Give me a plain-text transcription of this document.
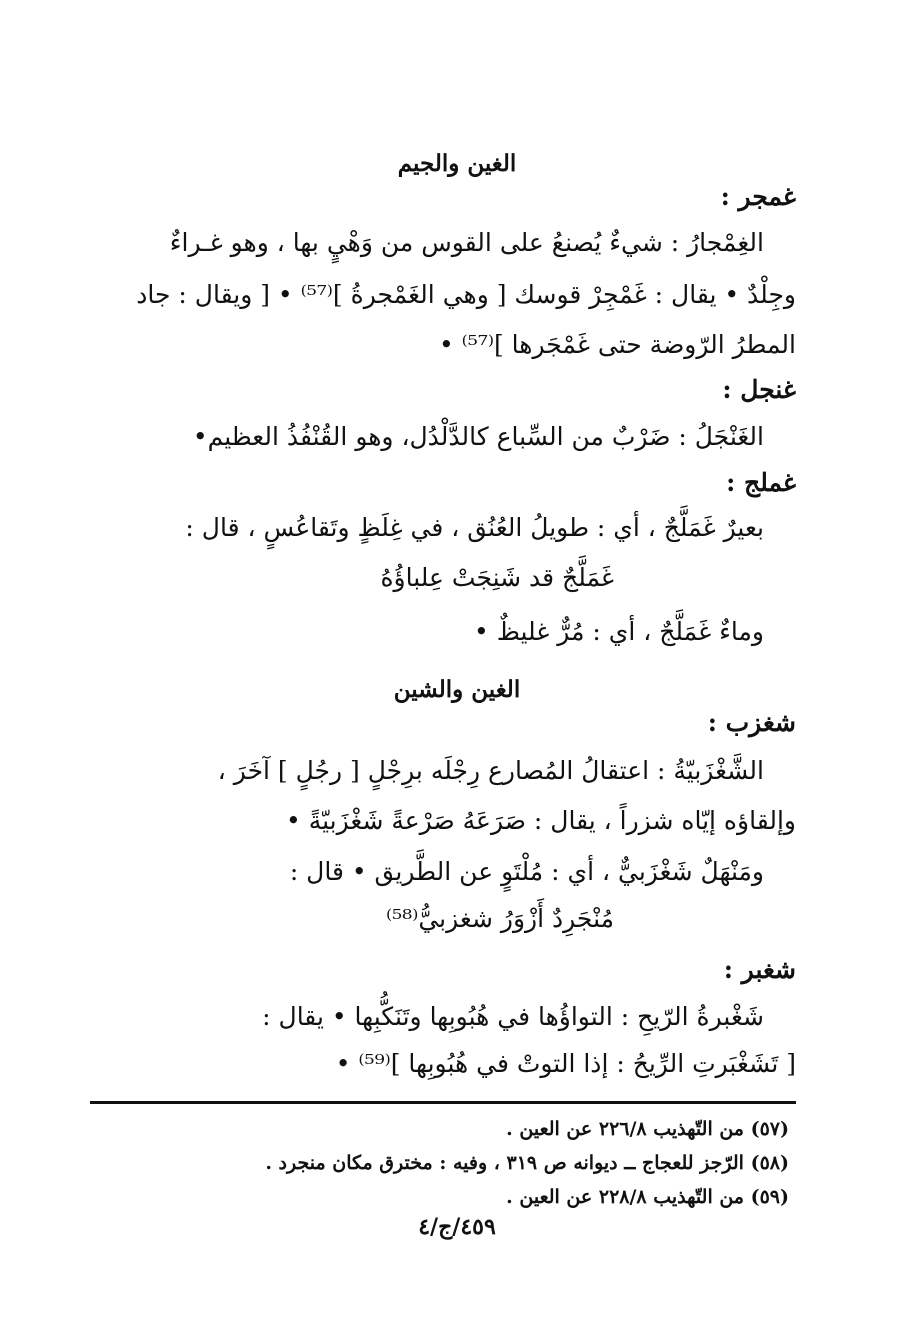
الغين والجيم
غمجر :
الغِمْجارُ : شيءٌ يُصنعُ على القوس من وَهْيٍ بها ، وهو غـراءٌ
وجِلْدٌ • يقال : غَمْجِرْ قوسك [ وهي الغَمْجرةُ ]⁽⁵⁷⁾ • [ ويقال : جاد
المطرُ الرّوضة حتى غَمْجَرها ]⁽⁵⁷⁾ •
غنجل :
الغَنْجَلُ : ضَرْبٌ من السِّباع كالدَّلْدُل، وهو القُنْفُذُ العظيم•
غملج :
بعيرٌ غَمَلَّجٌ ، أي : طويلُ العُنُق ، في غِلَظٍ وتَقاعُسٍ ، قال :
غَمَلَّجٌ قد شَنِجَتْ عِلباؤُهُ
وماءٌ غَمَلَّجٌ ، أي : مُرٌّ غليظٌ •
الغين والشين
شغزب :
الشَّغْزَبيّةُ : اعتقالُ المُصارع رِجْلَه برِجْلٍ [ رجُلٍ ] آخَرَ ،
وإلقاؤه إيّاه شزراً ، يقال : صَرَعَهُ صَرْعةً شَغْزَبيّةً •
ومَنْهَلٌ شَغْزَبيٌّ ، أي : مُلْتَوٍ عن الطَّريق • قال :
مُنْجَرِدٌ أَزْوَرُ شغزبيُّ⁽⁵⁸⁾
شغبر :
شَغْبرةُ الرّيحِ : التواؤُها في هُبُوبِها وتَنَكُّبِها • يقال :
[ تَشَغْبَرتِ الرِّيحُ : إذا التوتْ في هُبُوبِها ]⁽⁵⁹⁾ •
(٥٧) من التّهذيب ٢٢٦/٨ عن العين .
(٥٨) الرّجز للعجاج ــ ديوانه ص ٣١٩ ، وفيه : مخترق مكان منجرد .
(٥٩) من التّهذيب ٢٢٨/٨ عن العين .
٤٥٩/ج/٤
